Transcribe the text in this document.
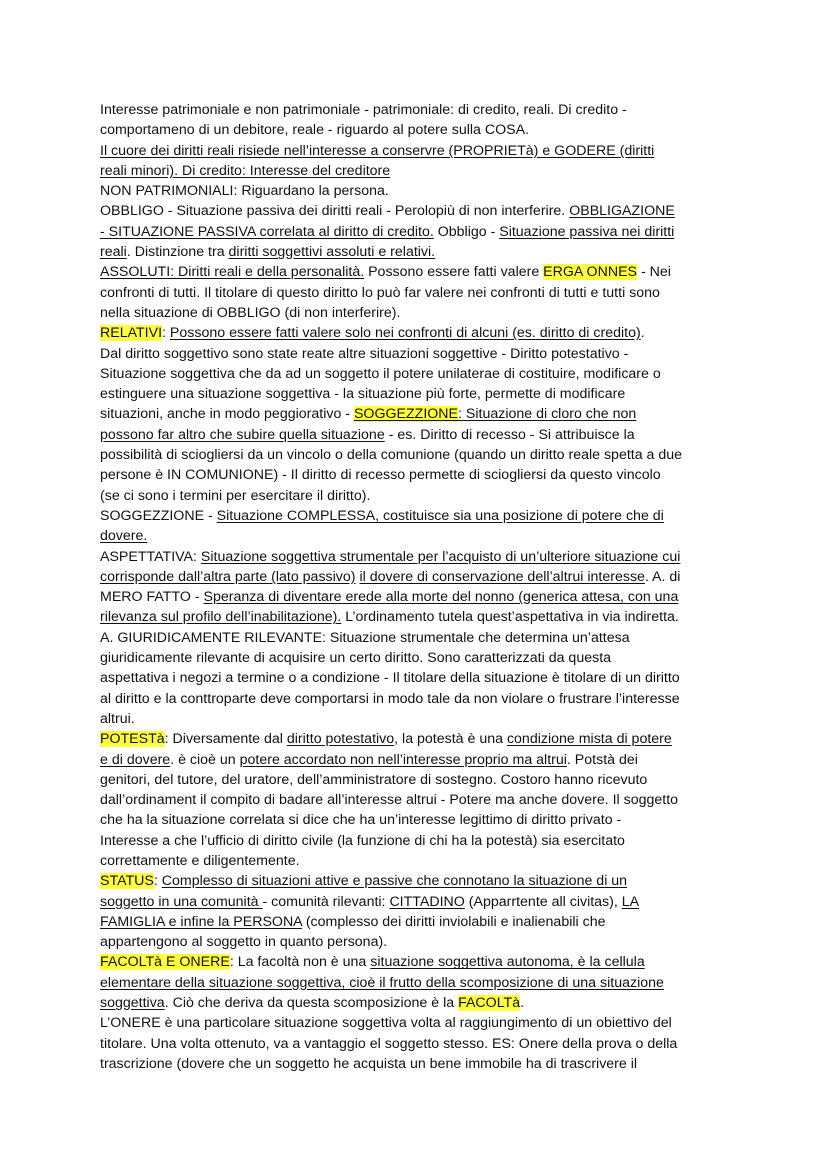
Interesse patrimoniale e non patrimoniale - patrimoniale: di credito, reali. Di credito -
comportameno di un debitore, reale - riguardo al potere sulla COSA.
Il cuore dei diritti reali risiede nell’interesse a conservre (PROPRIETà) e GODERE (diritti
reali minori). Di credito: Interesse del creditore
NON PATRIMONIALI: Riguardano la persona.
OBBLIGO - Situazione passiva dei diritti reali - Perolopiù di non interferire. OBBLIGAZIONE
- SITUAZIONE PASSIVA correlata al diritto di credito. Obbligo - Situazione passiva nei diritti
reali. Distinzione tra diritti soggettivi assoluti e relativi.
ASSOLUTI: Diritti reali e della personalità. Possono essere fatti valere ERGA ONNES - Nei
confronti di tutti. Il titolare di questo diritto lo può far valere nei confronti di tutti e tutti sono
nella situazione di OBBLIGO (di non interferire).
RELATIVI: Possono essere fatti valere solo nei confronti di alcuni (es. diritto di credito).
Dal diritto soggettivo sono state reate altre situazioni soggettive - Diritto potestativo -
Situazione soggettiva che da ad un soggetto il potere unilaterae di costituire, modificare o
estinguere una situazione soggettiva - la situazione più forte, permette di modificare
situazioni, anche in modo peggiorativo - SOGGEZZIONE: Situazione di cloro che non
possono far altro che subire quella situazione - es. Diritto di recesso - Si attribuisce la
possibilità di sciogliersi da un vincolo o della comunione (quando un diritto reale spetta a due
persone è IN COMUNIONE) - Il diritto di recesso permette di sciogliersi da questo vincolo
(se ci sono i termini per esercitare il diritto).
SOGGEZZIONE - Situazione COMPLESSA, costituisce sia una posizione di potere che di
dovere.
ASPETTATIVA: Situazione soggettiva strumentale per l’acquisto di un’ulteriore situazione cui
corrisponde dall’altra parte (lato passivo) il dovere di conservazione dell’altrui interesse. A. di
MERO FATTO - Speranza di diventare erede alla morte del nonno (generica attesa, con una
rilevanza sul profilo dell’inabilitazione). L’ordinamento tutela quest’aspettativa in via indiretta.
A. GIURIDICAMENTE RILEVANTE: Situazione strumentale che determina un’attesa
giuridicamente rilevante di acquisire un certo diritto. Sono caratterizzati da questa
aspettativa i negozi a termine o a condizione - Il titolare della situazione è titolare di un diritto
al diritto e la conttroparte deve comportarsi in modo tale da non violare o frustrare l’interesse
altrui.
POTESTà: Diversamente dal diritto potestativo, la potestà è una condizione mista di potere
e di dovere. è cioè un potere accordato non nell’interesse proprio ma altrui. Potstà dei
genitori, del tutore, del uratore, dell’amministratore di sostegno. Costoro hanno ricevuto
dall’ordinament il compito di badare all’interesse altrui - Potere ma anche dovere. Il soggetto
che ha la situazione correlata si dice che ha un’interesse legittimo di diritto privato -
Interesse a che l’ufficio di diritto civile (la funzione di chi ha la potestà) sia esercitato
correttamente e diligentemente.
STATUS: Complesso di situazioni attive e passive che connotano la situazione di un
soggetto in una comunità - comunità rilevanti: CITTADINO (Apparrtente all civitas), LA
FAMIGLIA e infine la PERSONA (complesso dei diritti inviolabili e inalienabili che
appartengono al soggetto in quanto persona).
FACOLTà E ONERE: La facoltà non è una situazione soggettiva autonoma, è la cellula
elementare della situazione soggettiva, cioè il frutto della scomposizione di una situazione
soggettiva. Ciò che deriva da questa scomposizione è la FACOLTà.
L’ONERE è una particolare situazione soggettiva volta al raggiungimento di un obiettivo del
titolare. Una volta ottenuto, va a vantaggio el soggetto stesso. ES: Onere della prova o della
trascrizione (dovere che un soggetto he acquista un bene immobile ha di trascrivere il
